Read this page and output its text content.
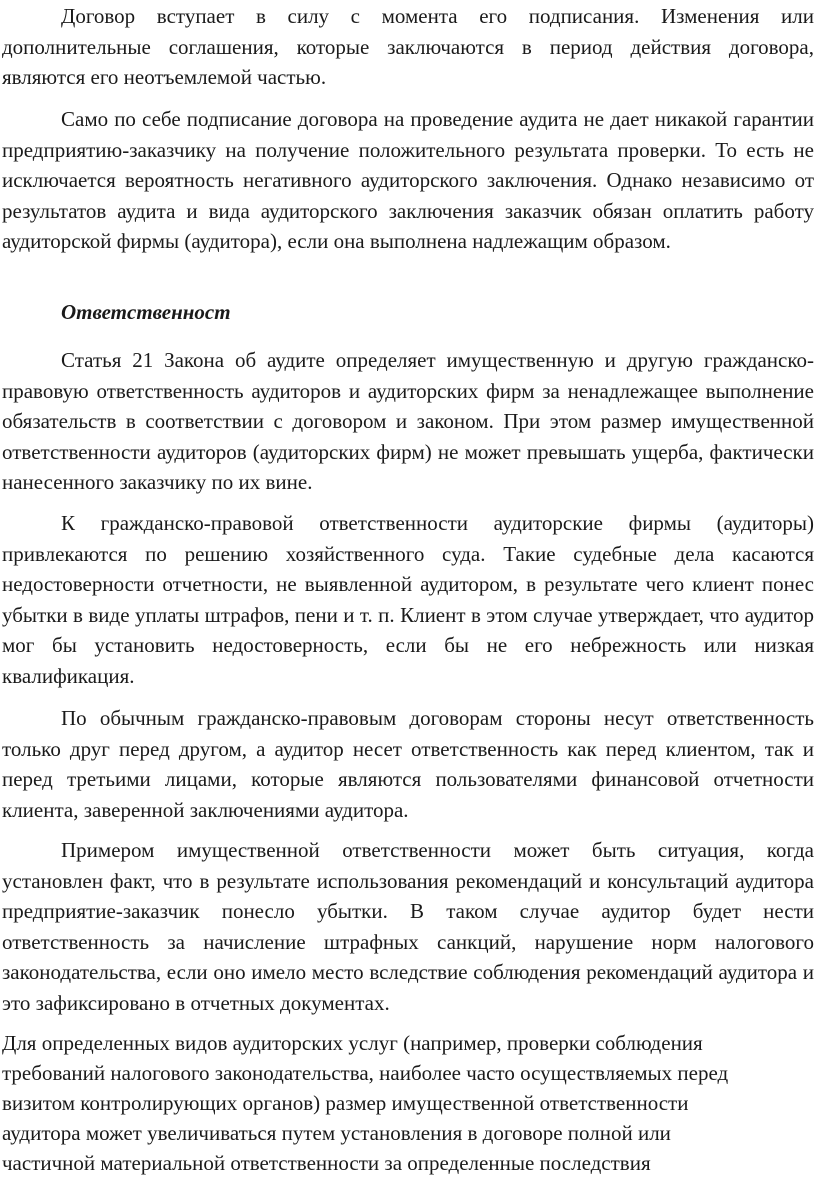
Договор вступает в силу с момента его подписания. Изменения или дополнительные соглашения, которые заключаются в период действия договора, являются его неотъемлемой частью.

Само по себе подписание договора на проведение аудита не дает никакой гарантии предприятию-заказчику на получение положительного результата проверки. То есть не исключается вероятность негативного аудиторского заключения. Однако независимо от результатов аудита и вида аудиторского заключения заказчик обязан оплатить работу аудиторской фирмы (аудитора), если она выполнена надлежащим образом.

Ответственност

Статья 21 Закона об аудите определяет имущественную и другую гражданско-правовую ответственность аудиторов и аудиторских фирм за ненадлежащее выполнение обязательств в соответствии с договором и законом. При этом размер имущественной ответственности аудиторов (аудиторских фирм) не может превышать ущерба, фактически нанесенного заказчику по их вине.

К гражданско-правовой ответственности аудиторские фирмы (аудиторы) привлекаются по решению хозяйственного суда. Такие судебные дела касаются недостоверности отчетности, не выявленной аудитором, в результате чего клиент понес убытки в виде уплаты штрафов, пени и т. п. Клиент в этом случае утверждает, что аудитор мог бы установить недостоверность, если бы не его небрежность или низкая квалификация.

По обычным гражданско-правовым договорам стороны несут ответственность только друг перед другом, а аудитор несет ответственность как перед клиентом, так и перед третьими лицами, которые являются пользователями финансовой отчетности клиента, заверенной заключениями аудитора.

Примером имущественной ответственности может быть ситуация, когда установлен факт, что в результате использования рекомендаций и консультаций аудитора предприятие-заказчик понесло убытки. В таком случае аудитор будет нести ответственность за начисление штрафных санкций, нарушение норм налогового законодательства, если оно имело место вследствие соблюдения рекомендаций аудитора и это зафиксировано в отчетных документах.

Для определенных видов аудиторских услуг (например, проверки соблюдения
требований налогового законодательства, наиболее часто осуществляемых перед
визитом контролирующих органов) размер имущественной ответственности
аудитора может увеличиваться путем установления в договоре полной или
частичной материальной ответственности за определенные последствия
